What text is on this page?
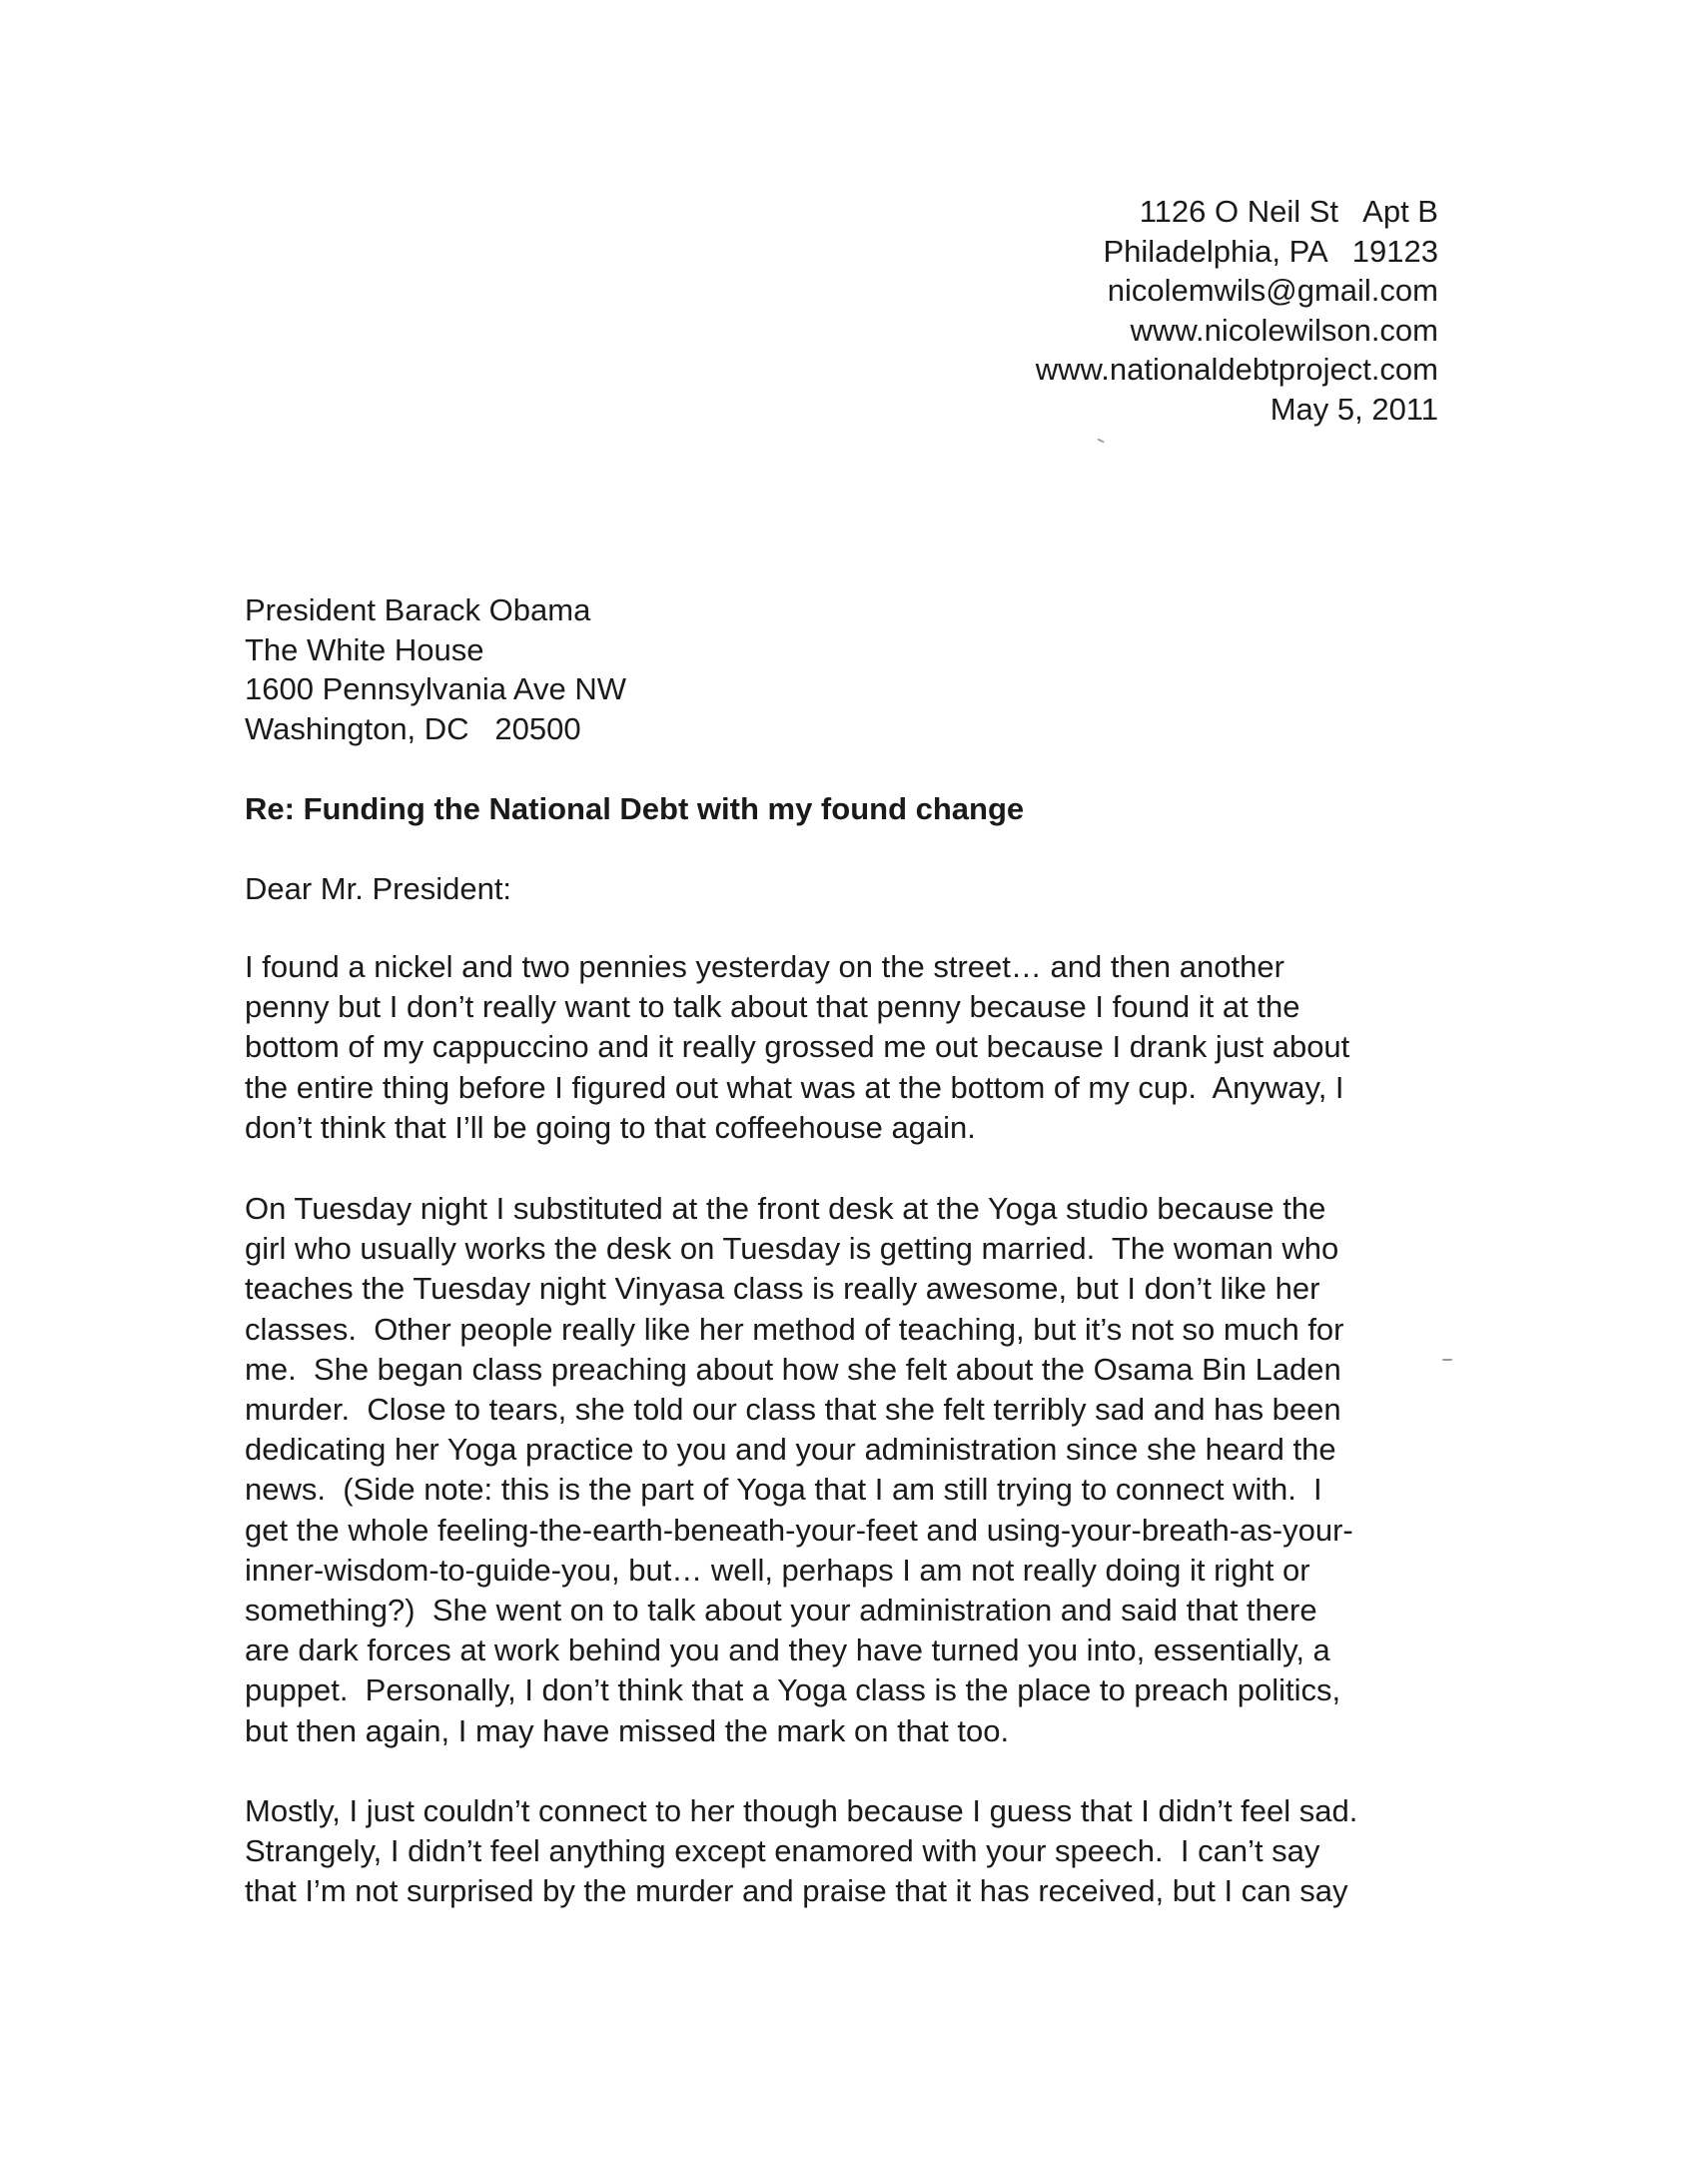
1126 O Neil St   Apt B
Philadelphia, PA   19123
nicolemwils@gmail.com
www.nicolewilson.com
www.nationaldebtproject.com
May 5, 2011
President Barack Obama
The White House
1600 Pennsylvania Ave NW
Washington, DC   20500
Re: Funding the National Debt with my found change
Dear Mr. President:
I found a nickel and two pennies yesterday on the street… and then another
penny but I don’t really want to talk about that penny because I found it at the
bottom of my cappuccino and it really grossed me out because I drank just about
the entire thing before I figured out what was at the bottom of my cup.  Anyway, I
don’t think that I’ll be going to that coffeehouse again.
On Tuesday night I substituted at the front desk at the Yoga studio because the
girl who usually works the desk on Tuesday is getting married.  The woman who
teaches the Tuesday night Vinyasa class is really awesome, but I don’t like her
classes.  Other people really like her method of teaching, but it’s not so much for
me.  She began class preaching about how she felt about the Osama Bin Laden
murder.  Close to tears, she told our class that she felt terribly sad and has been
dedicating her Yoga practice to you and your administration since she heard the
news.  (Side note: this is the part of Yoga that I am still trying to connect with.  I
get the whole feeling-the-earth-beneath-your-feet and using-your-breath-as-your-
inner-wisdom-to-guide-you, but… well, perhaps I am not really doing it right or
something?)  She went on to talk about your administration and said that there
are dark forces at work behind you and they have turned you into, essentially, a
puppet.  Personally, I don’t think that a Yoga class is the place to preach politics,
but then again, I may have missed the mark on that too.
Mostly, I just couldn’t connect to her though because I guess that I didn’t feel sad.
Strangely, I didn’t feel anything except enamored with your speech.  I can’t say
that I’m not surprised by the murder and praise that it has received, but I can say
